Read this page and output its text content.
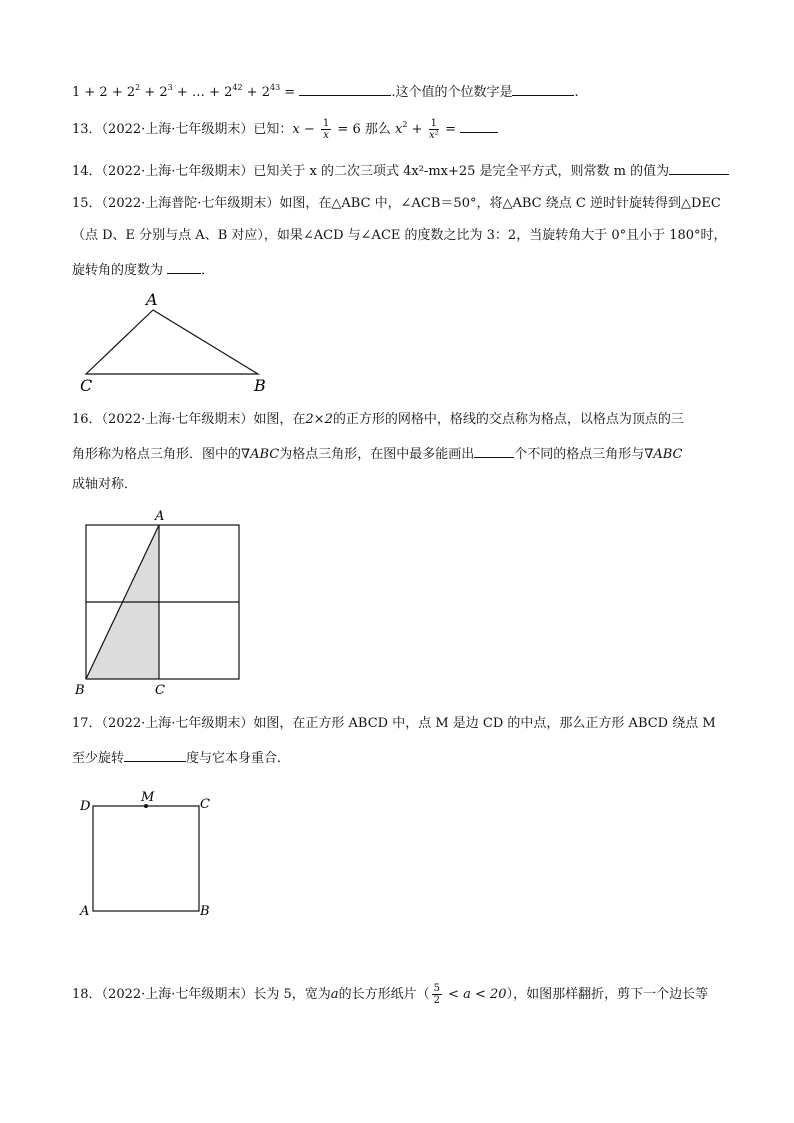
$1 + 2 + 2^2 + 2^3$ + … + $2^{42} + 2^{43}$ =	.这个值的个位数字是	.
13．（2022·上海·七年级期末）已知：$x - \frac{1}{x} = 6$ 那么 $x^2 + \frac{1}{\text{x²}}$ =
14．（2022·上海·七年级期末）已知关于 x 的二次三项式 4x²-mx+25 是完全平方式，则常数 m 的值为
15．（2022·上海普陀·七年级期末）如图，在△ABC 中，∠ACB＝50°，将△ABC 绕点 C 逆时针旋转得到△DEC
（点 D、E 分别与点 A、B 对应），如果∠ACD 与∠ACE 的度数之比为 3：2，当旋转角大于 0°且小于 180°时，
旋转角的度数为	．
A
C	B
16．（2022·上海·七年级期末）如图，在2×2的正方形的网格中，格线的交点称为格点，以格点为顶点的三
角形称为格点三角形．图中的∇ABC为格点三角形，在图中最多能画出	个不同的格点三角形与∇ABC
成轴对称．
A
B	C
17．（2022·上海·七年级期末）如图，在正方形 ABCD 中，点 M 是边 CD 的中点，那么正方形 ABCD 绕点 M
至少旋转	度与它本身重合．
D
M	C
A	B
18．（2022·上海·七年级期末）长为 5，宽为a的长方形纸片（ $\frac{5}{2} < a < 20$），如图那样翻折，剪下一个边长等
